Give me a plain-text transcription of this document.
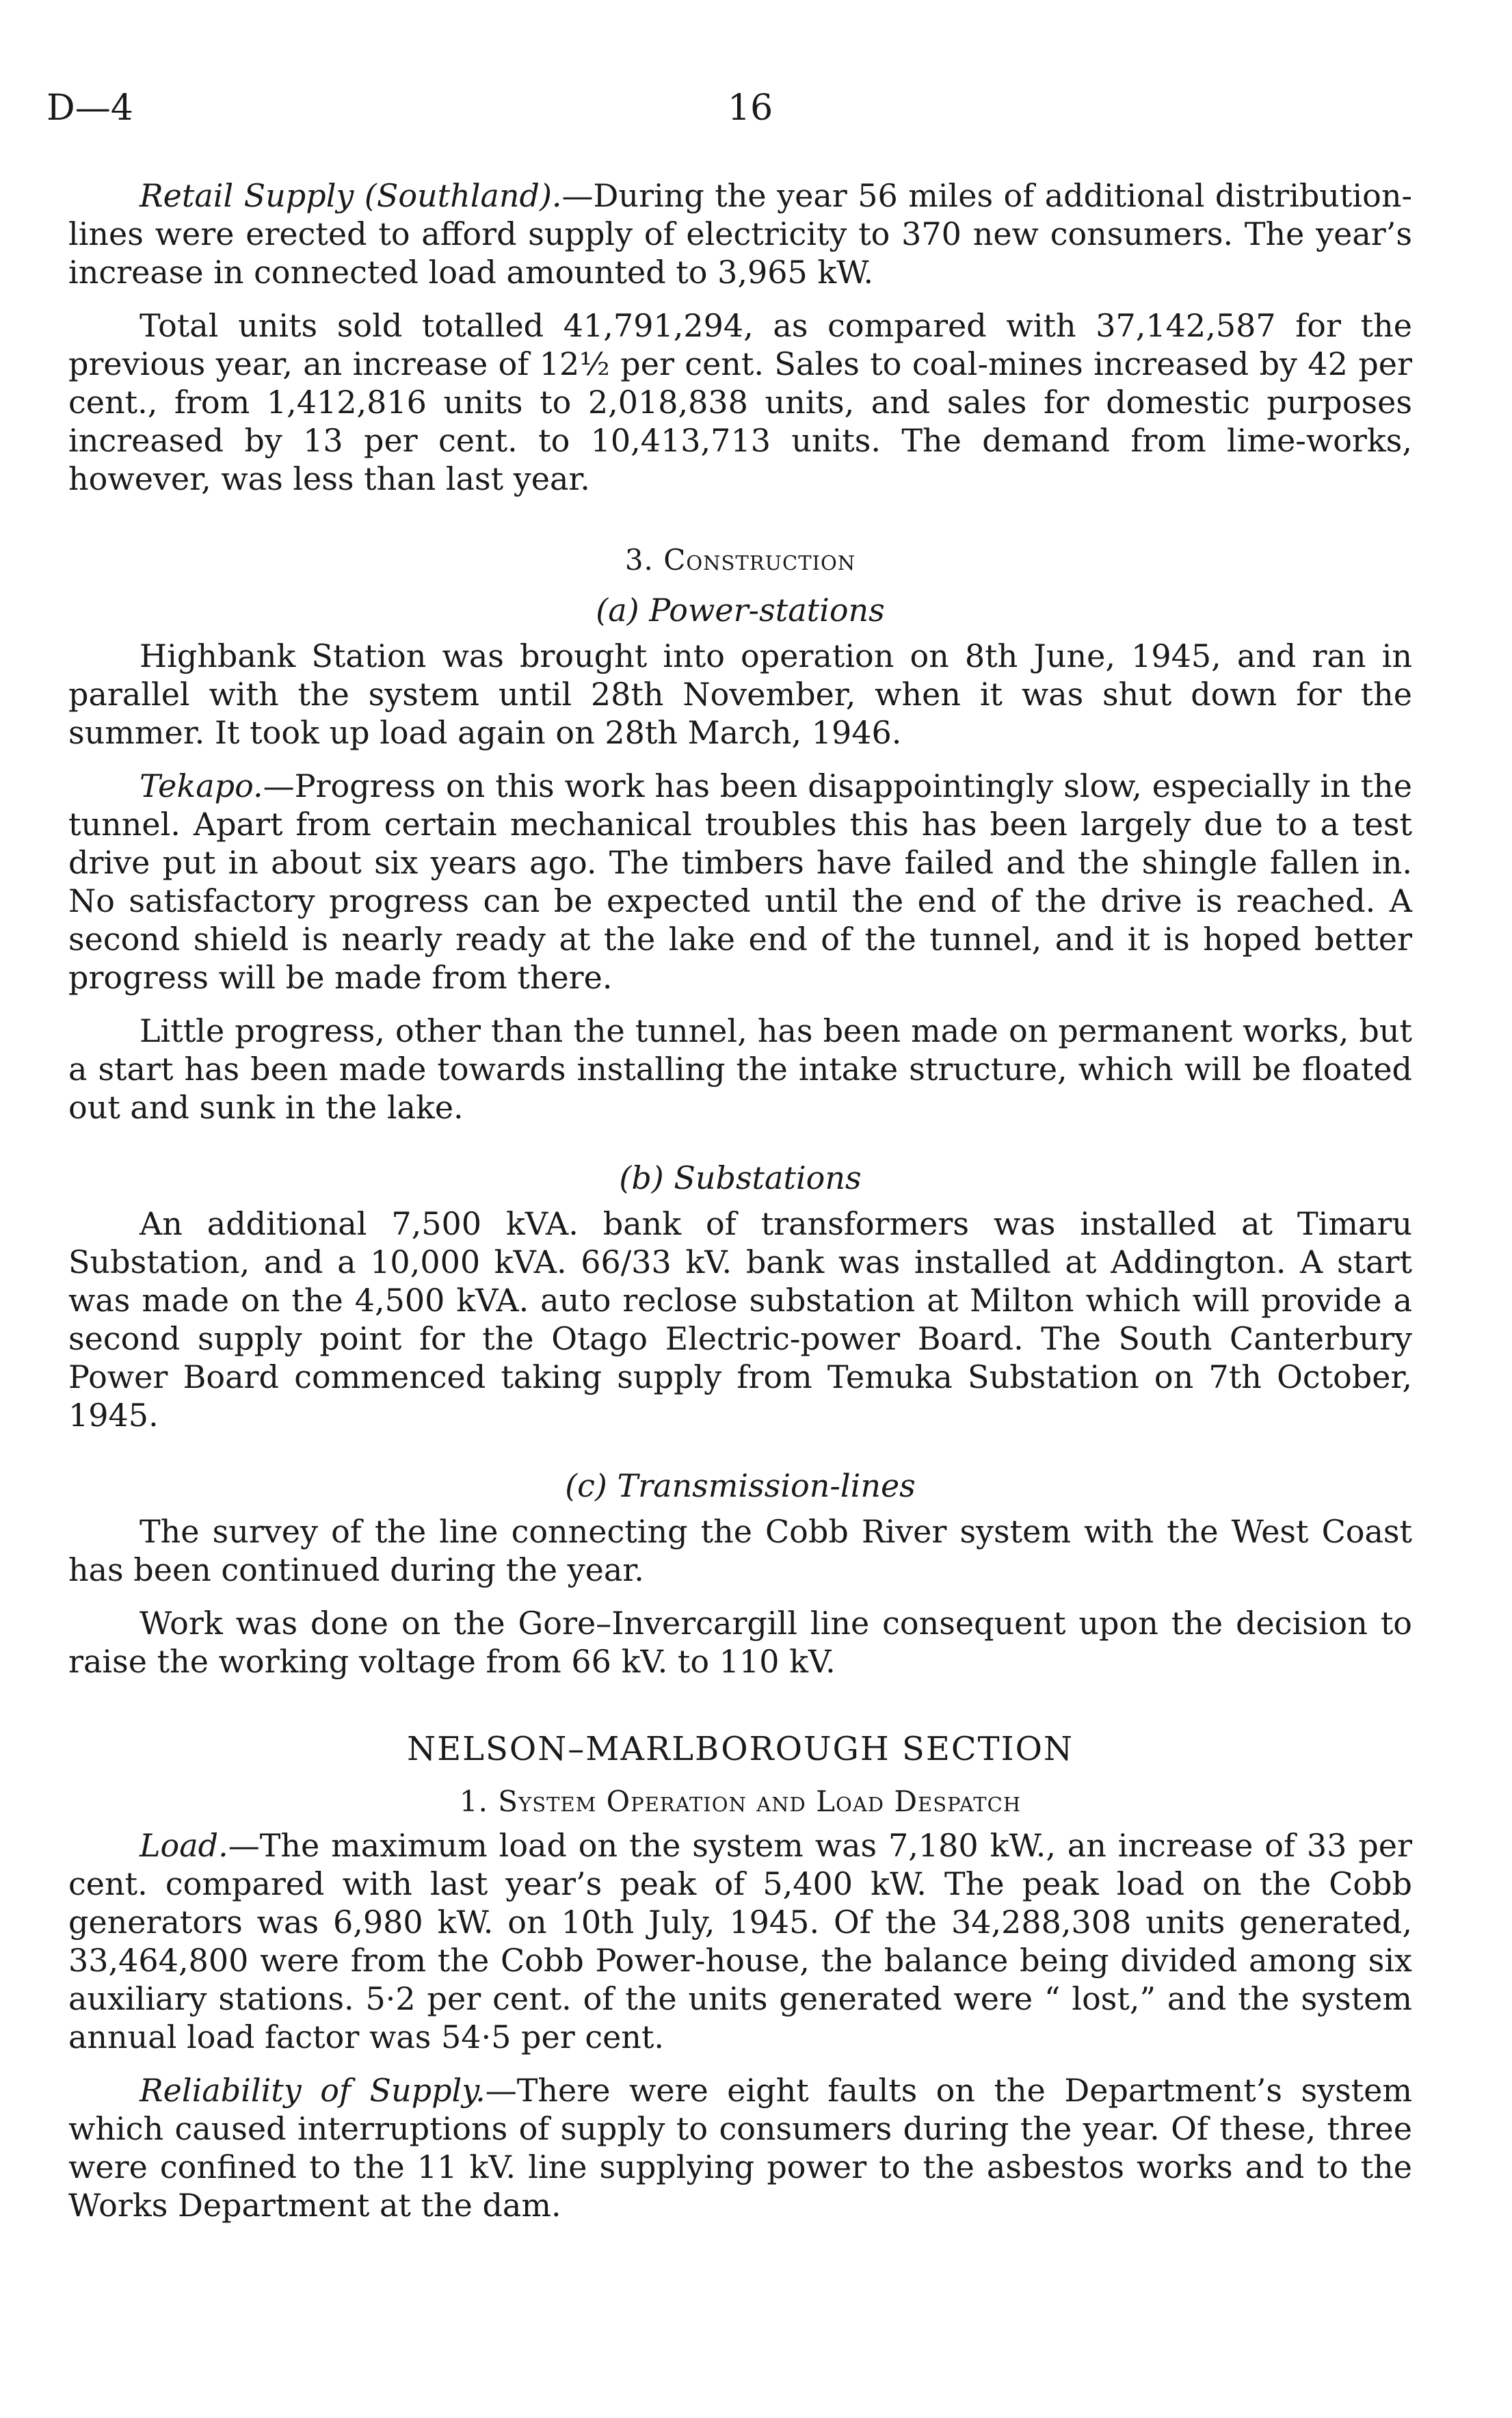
D—4	16

Retail Supply (Southland).—During the year 56 miles of additional distribution-lines were erected to afford supply of electricity to 370 new consumers. The year’s increase in connected load amounted to 3,965 kW.

Total units sold totalled 41,791,294, as compared with 37,142,587 for the previous year, an increase of 12½ per cent. Sales to coal-mines increased by 42 per cent., from 1,412,816 units to 2,018,838 units, and sales for domestic purposes increased by 13 per cent. to 10,413,713 units. The demand from lime-works, however, was less than last year.

3. Construction

(a) Power-stations

Highbank Station was brought into operation on 8th June, 1945, and ran in parallel with the system until 28th November, when it was shut down for the summer. It took up load again on 28th March, 1946.

Tekapo.—Progress on this work has been disappointingly slow, especially in the tunnel. Apart from certain mechanical troubles this has been largely due to a test drive put in about six years ago. The timbers have failed and the shingle fallen in. No satisfactory progress can be expected until the end of the drive is reached. A second shield is nearly ready at the lake end of the tunnel, and it is hoped better progress will be made from there.

Little progress, other than the tunnel, has been made on permanent works, but a start has been made towards installing the intake structure, which will be floated out and sunk in the lake.

(b) Substations

An additional 7,500 kVA. bank of transformers was installed at Timaru Substation, and a 10,000 kVA. 66/33 kV. bank was installed at Addington. A start was made on the 4,500 kVA. auto reclose substation at Milton which will provide a second supply point for the Otago Electric-power Board. The South Canterbury Power Board commenced taking supply from Temuka Substation on 7th October, 1945.

(c) Transmission-lines

The survey of the line connecting the Cobb River system with the West Coast has been continued during the year.

Work was done on the Gore–Invercargill line consequent upon the decision to raise the working voltage from 66 kV. to 110 kV.

NELSON–MARLBOROUGH SECTION

1. System Operation and Load Despatch

Load.—The maximum load on the system was 7,180 kW., an increase of 33 per cent. compared with last year’s peak of 5,400 kW. The peak load on the Cobb generators was 6,980 kW. on 10th July, 1945. Of the 34,288,308 units generated, 33,464,800 were from the Cobb Power-house, the balance being divided among six auxiliary stations. 5·2 per cent. of the units generated were “ lost,” and the system annual load factor was 54·5 per cent.

Reliability of Supply.—There were eight faults on the Department’s system which caused interruptions of supply to consumers during the year. Of these, three were confined to the 11 kV. line supplying power to the asbestos works and to the Works Department at the dam.
